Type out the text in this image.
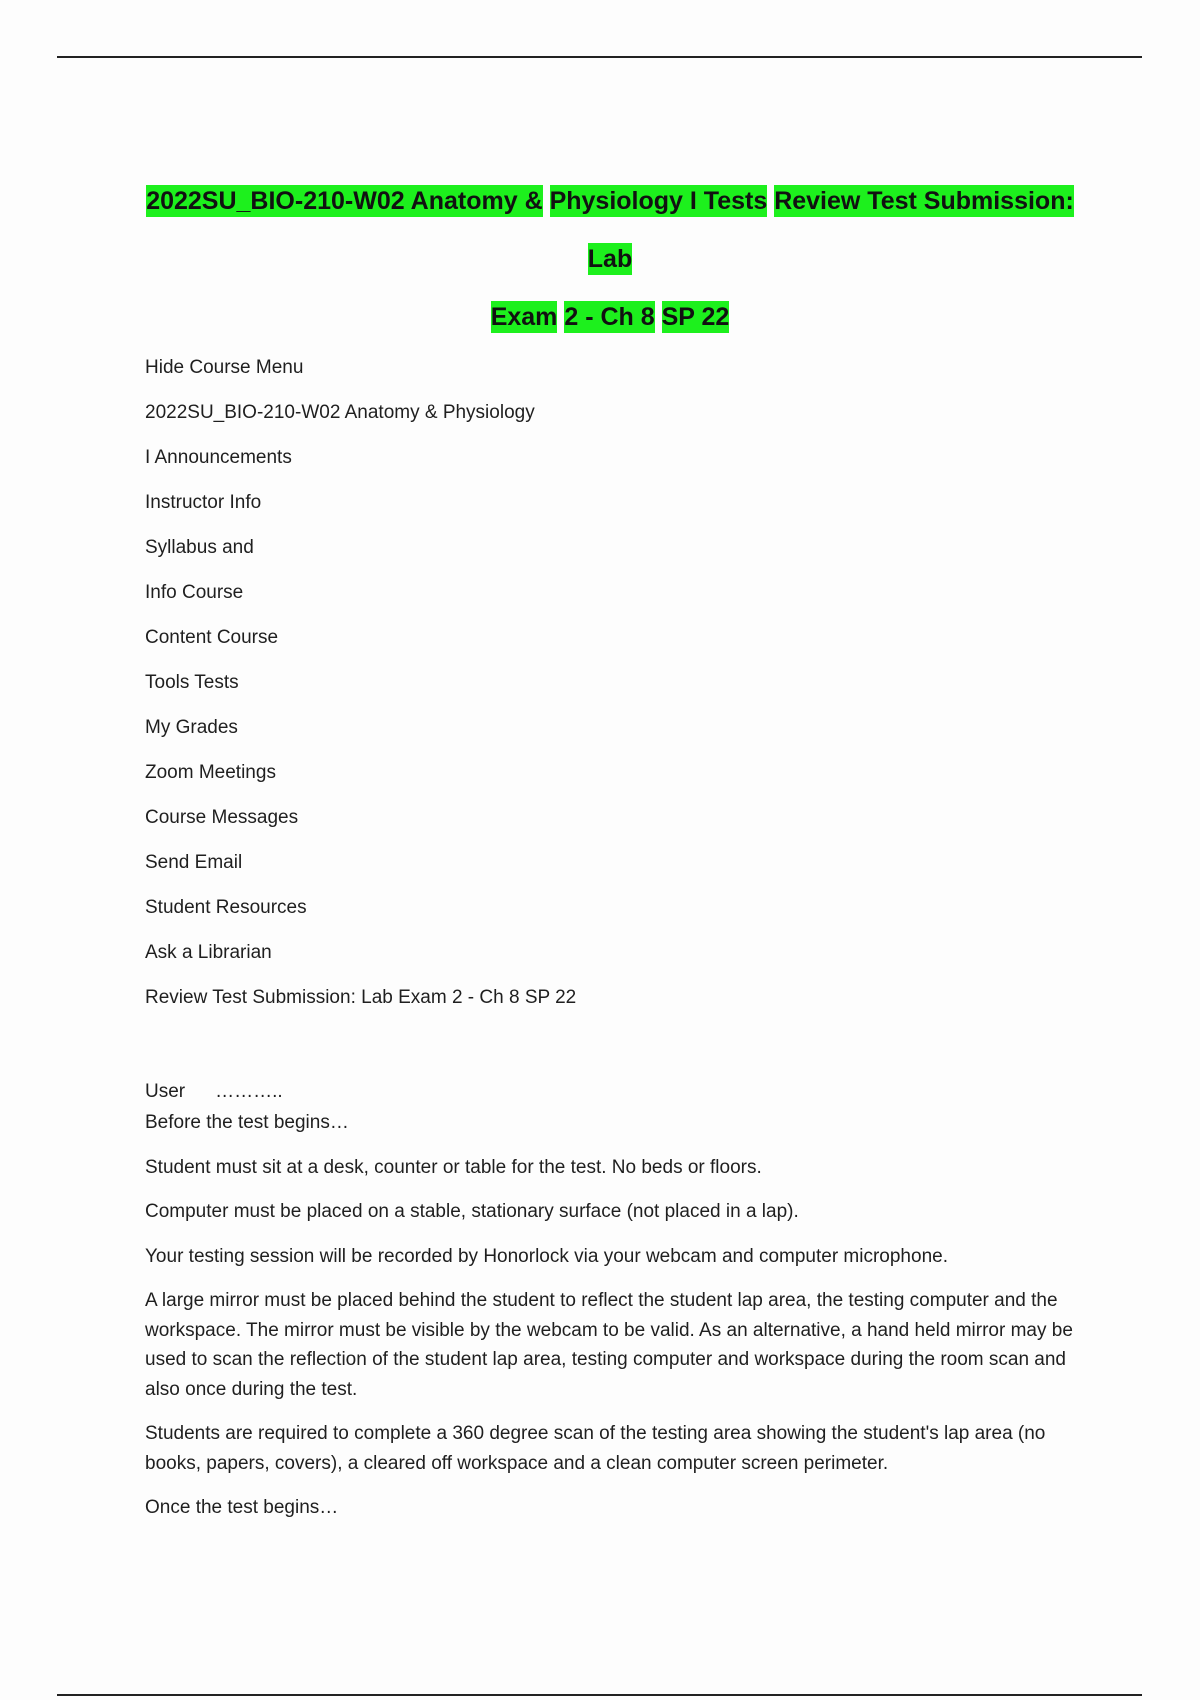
2022SU_BIO-210-W02 Anatomy & Physiology I Tests Review Test Submission: Lab
Exam 2 - Ch 8 SP 22
Hide Course Menu
2022SU_BIO-210-W02 Anatomy & Physiology
I Announcements
Instructor Info
Syllabus and
Info Course
Content Course
Tools Tests
My Grades
Zoom Meetings
Course Messages
Send Email
Student Resources
Ask a Librarian
Review Test Submission: Lab Exam 2 - Ch 8 SP 22
User ………..

Before the test begins…

Student must sit at a desk, counter or table for the test. No beds or floors.

Computer must be placed on a stable, stationary surface (not placed in a lap).

Your testing session will be recorded by Honorlock via your webcam and computer microphone.

A large mirror must be placed behind the student to reflect the student lap area, the testing computer and the workspace. The mirror must be visible by the webcam to be valid. As an alternative, a hand held mirror may be used to scan the reflection of the student lap area, testing computer and workspace during the room scan and also once during the test.

Students are required to complete a 360 degree scan of the testing area showing the student's lap area (no books, papers, covers), a cleared off workspace and a clean computer screen perimeter.

Once the test begins…
